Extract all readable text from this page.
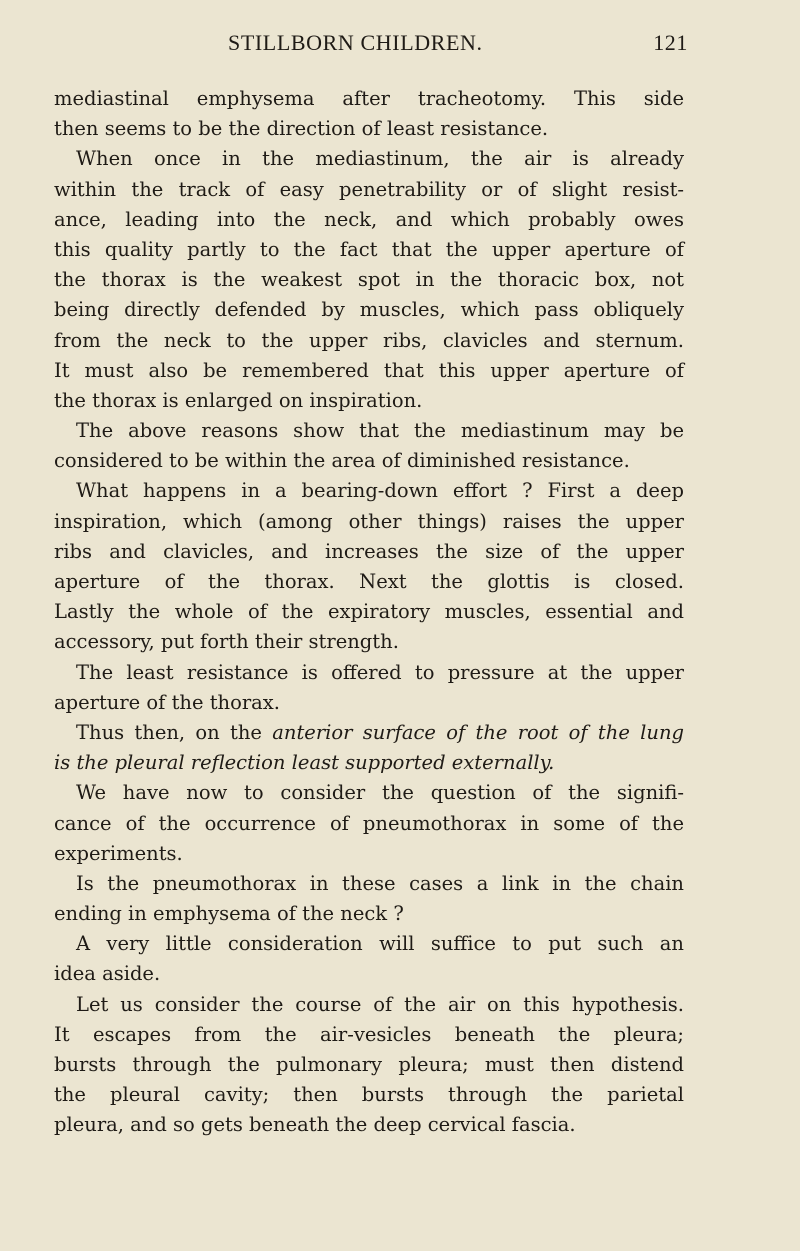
STILLBORN CHILDREN.	121
mediastinal emphysema after tracheotomy. This side
then seems to be the direction of least resistance.
When once in the mediastinum, the air is already
within the track of easy penetrability or of slight resist-
ance, leading into the neck, and which probably owes
this quality partly to the fact that the upper aperture of
the thorax is the weakest spot in the thoracic box, not
being directly defended by muscles, which pass obliquely
from the neck to the upper ribs, clavicles and sternum.
It must also be remembered that this upper aperture of
the thorax is enlarged on inspiration.
The above reasons show that the mediastinum may be
considered to be within the area of diminished resistance.
What happens in a bearing-down effort ? First a deep
inspiration, which (among other things) raises the upper
ribs and clavicles, and increases the size of the upper
aperture of the thorax. Next the glottis is closed.
Lastly the whole of the expiratory muscles, essential and
accessory, put forth their strength.
The least resistance is offered to pressure at the upper
aperture of the thorax.
Thus then, on the anterior surface of the root of the lung
is the pleural reflection least supported externally.
We have now to consider the question of the signifi-
cance of the occurrence of pneumothorax in some of the
experiments.
Is the pneumothorax in these cases a link in the chain
ending in emphysema of the neck ?
A very little consideration will suffice to put such an
idea aside.
Let us consider the course of the air on this hypothesis.
It escapes from the air-vesicles beneath the pleura;
bursts through the pulmonary pleura; must then distend
the pleural cavity; then bursts through the parietal
pleura, and so gets beneath the deep cervical fascia.
